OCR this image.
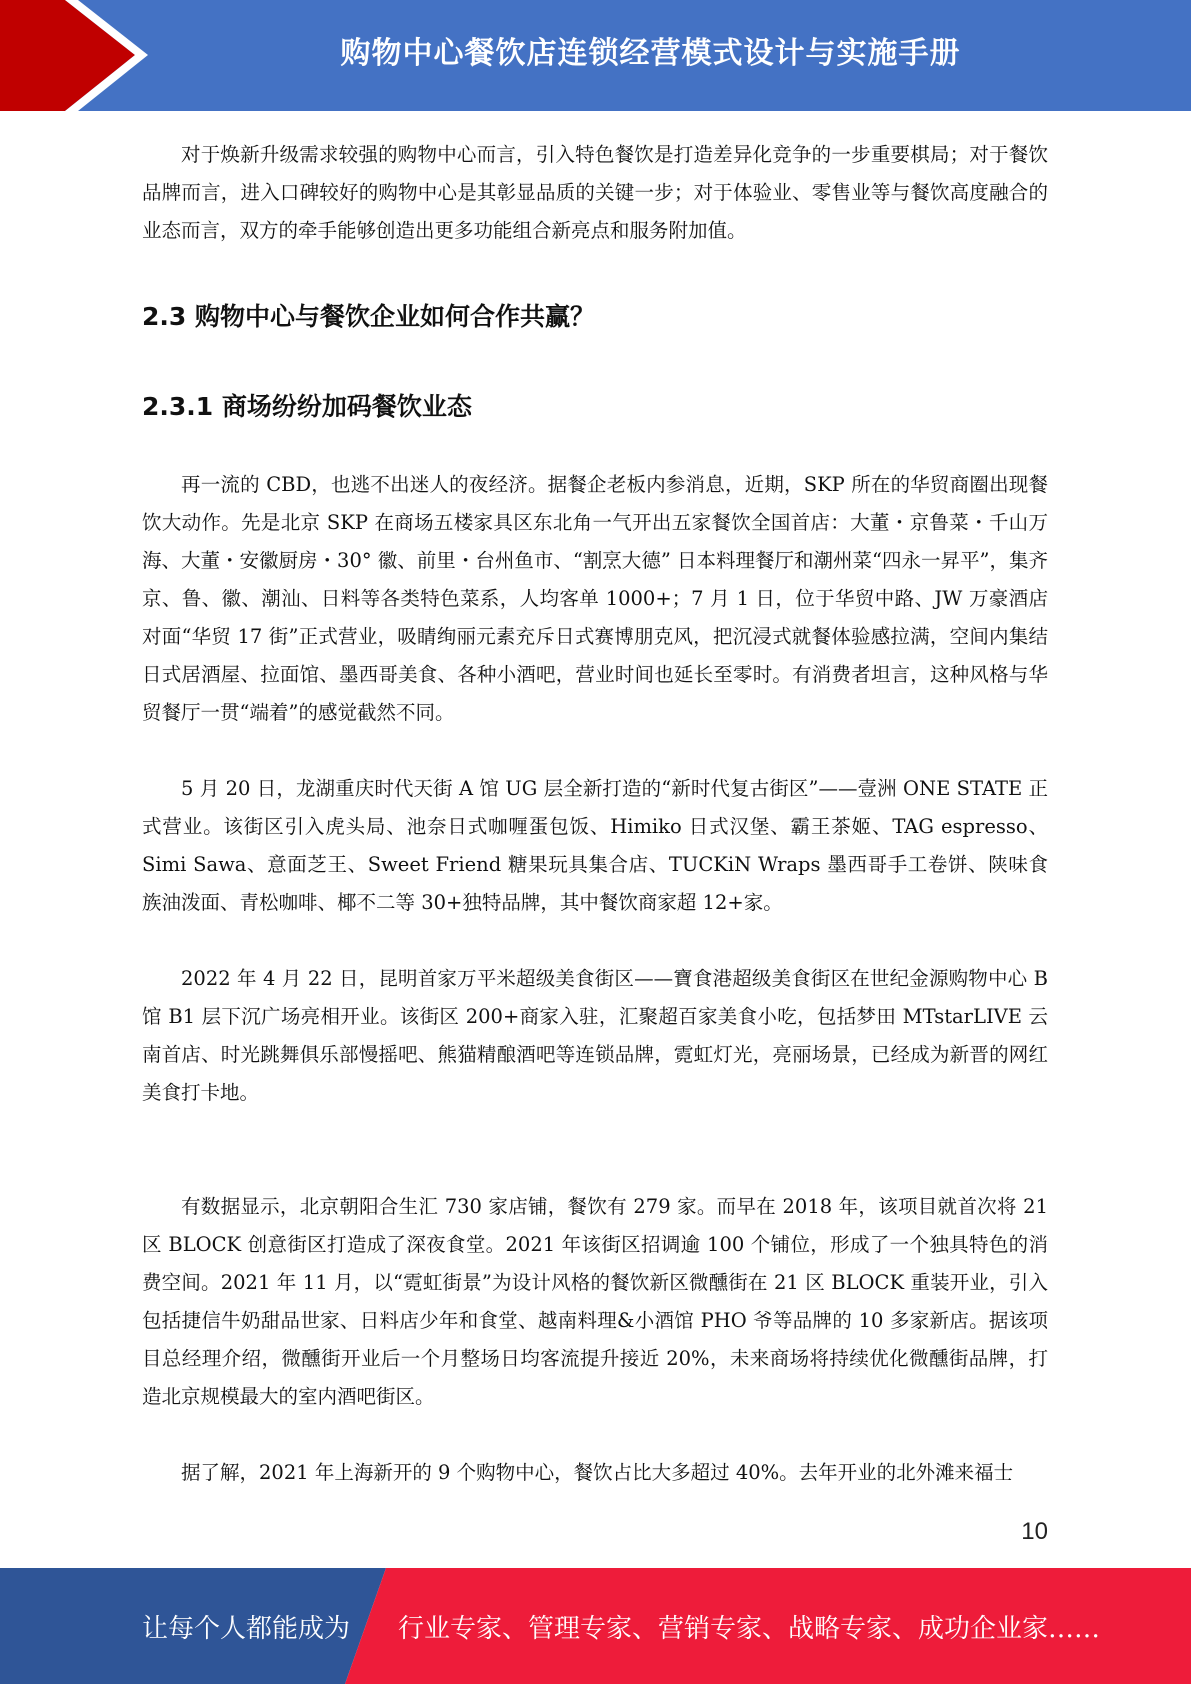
购物中心餐饮店连锁经营模式设计与实施手册

对于焕新升级需求较强的购物中心而言，引入特色餐饮是打造差异化竞争的一步重要棋局；对于餐饮品牌而言，进入口碑较好的购物中心是其彰显品质的关键一步；对于体验业、零售业等与餐饮高度融合的业态而言，双方的牵手能够创造出更多功能组合新亮点和服务附加值。

2.3 购物中心与餐饮企业如何合作共赢？
2.3.1 商场纷纷加码餐饮业态

再一流的 CBD，也逃不出迷人的夜经济。据餐企老板内参消息，近期，SKP 所在的华贸商圈出现餐饮大动作。先是北京 SKP 在商场五楼家具区东北角一气开出五家餐饮全国首店：大董・京鲁菜・千山万海、大董・安徽厨房・30° 徽、前里・台州鱼市、“割烹大德” 日本料理餐厅和潮州菜“四永一昇平”，集齐京、鲁、徽、潮汕、日料等各类特色菜系，人均客单 1000+；7 月 1 日，位于华贸中路、JW 万豪酒店对面“华贸 17 街”正式营业，吸睛绚丽元素充斥日式赛博朋克风，把沉浸式就餐体验感拉满，空间内集结日式居酒屋、拉面馆、墨西哥美食、各种小酒吧，营业时间也延长至零时。有消费者坦言，这种风格与华贸餐厅一贯“端着”的感觉截然不同。

5 月 20 日，龙湖重庆时代天街 A 馆 UG 层全新打造的“新时代复古街区”——壹洲 ONE STATE 正式营业。该街区引入虎头局、池奈日式咖喱蛋包饭、Himiko 日式汉堡、霸王茶姬、TAG espresso、Simi Sawa、意面芝王、Sweet Friend 糖果玩具集合店、TUCKiN Wraps 墨西哥手工卷饼、陕味食族油泼面、青松咖啡、椰不二等 30+独特品牌，其中餐饮商家超 12+家。

2022 年 4 月 22 日，昆明首家万平米超级美食街区——寶食港超级美食街区在世纪金源购物中心 B 馆 B1 层下沉广场亮相开业。该街区 200+商家入驻，汇聚超百家美食小吃，包括梦田 MTstarLIVE 云南首店、时光跳舞俱乐部慢摇吧、熊猫精酿酒吧等连锁品牌，霓虹灯光，亮丽场景，已经成为新晋的网红美食打卡地。

有数据显示，北京朝阳合生汇 730 家店铺，餐饮有 279 家。而早在 2018 年，该项目就首次将 21 区 BLOCK 创意街区打造成了深夜食堂。2021 年该街区招调逾 100 个铺位，形成了一个独具特色的消费空间。2021 年 11 月，以“霓虹街景”为设计风格的餐饮新区微醺街在 21 区 BLOCK 重装开业，引入包括捷信牛奶甜品世家、日料店少年和食堂、越南料理&小酒馆 PHO 爷等品牌的 10 多家新店。据该项目总经理介绍，微醺街开业后一个月整场日均客流提升接近 20%，未来商场将持续优化微醺街品牌，打造北京规模最大的室内酒吧街区。

据了解，2021 年上海新开的 9 个购物中心，餐饮占比大多超过 40%。去年开业的北外滩来福士

10
让每个人都能成为 行业专家、管理专家、营销专家、战略专家、成功企业家……
